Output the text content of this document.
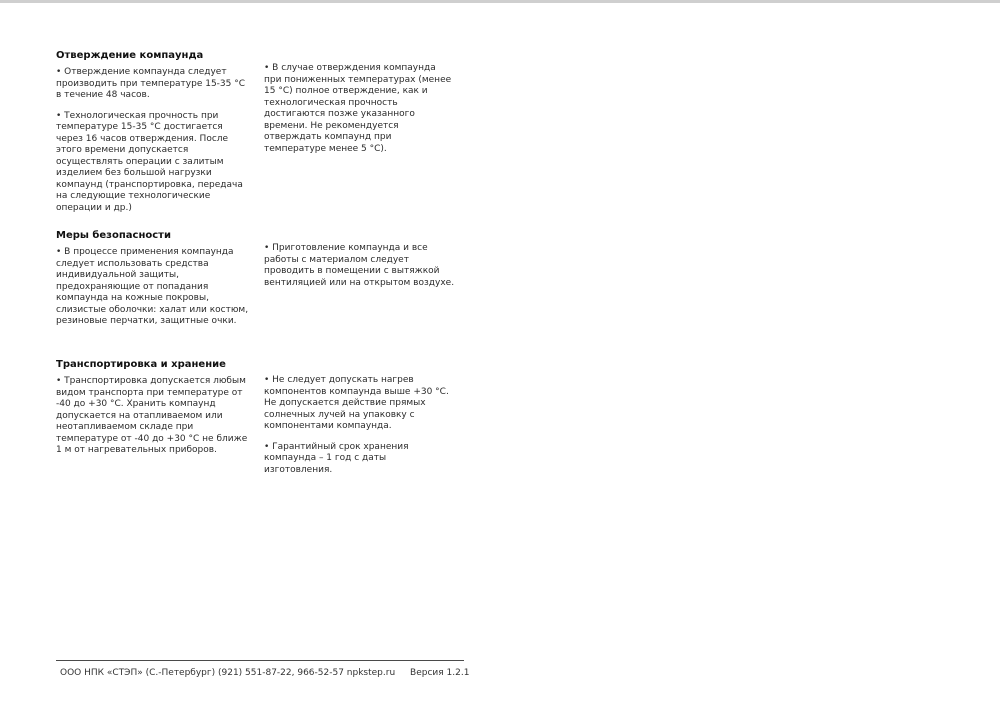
Отверждение компаунда

• Отверждение компаунда следует производить при температуре 15-35 °С в течение 48 часов.

• Технологическая прочность при температуре 15-35 °С достигается через 16 часов отверждения. После этого времени допускается осуществлять операции с залитым изделием без большой нагрузки компаунд (транспортировка, передача на следующие технологические операции и др.)

• В случае отверждения компаунда при пониженных температурах (менее 15 °С) полное отверждение, как и технологическая прочность достигаются позже указанного времени. Не рекомендуется отверждать компаунд при температуре менее 5 °С).

Меры безопасности

• В процессе применения компаунда следует использовать средства индивидуальной защиты, предохраняющие от попадания компаунда на кожные покровы, слизистые оболочки: халат или костюм, резиновые перчатки, защитные очки.

• Приготовление компаунда и все работы с материалом следует проводить в помещении с вытяжкой вентиляцией или на открытом воздухе.

Транспортировка и хранение

• Транспортировка допускается любым видом транспорта при температуре от -40 до +30 °С. Хранить компаунд допускается на отапливаемом или неотапливаемом складе при температуре от -40 до +30 °С не ближе 1 м от нагревательных приборов.

• Не следует допускать нагрев компонентов компаунда выше +30 °С. Не допускается действие прямых солнечных лучей на упаковку с компонентами компаунда.

• Гарантийный срок хранения компаунда – 1 год с даты изготовления.

ООО НПК «СТЭП» (С.-Петербург) (921) 551-87-22, 966-52-57 npkstep.ru Версия 1.2.1
